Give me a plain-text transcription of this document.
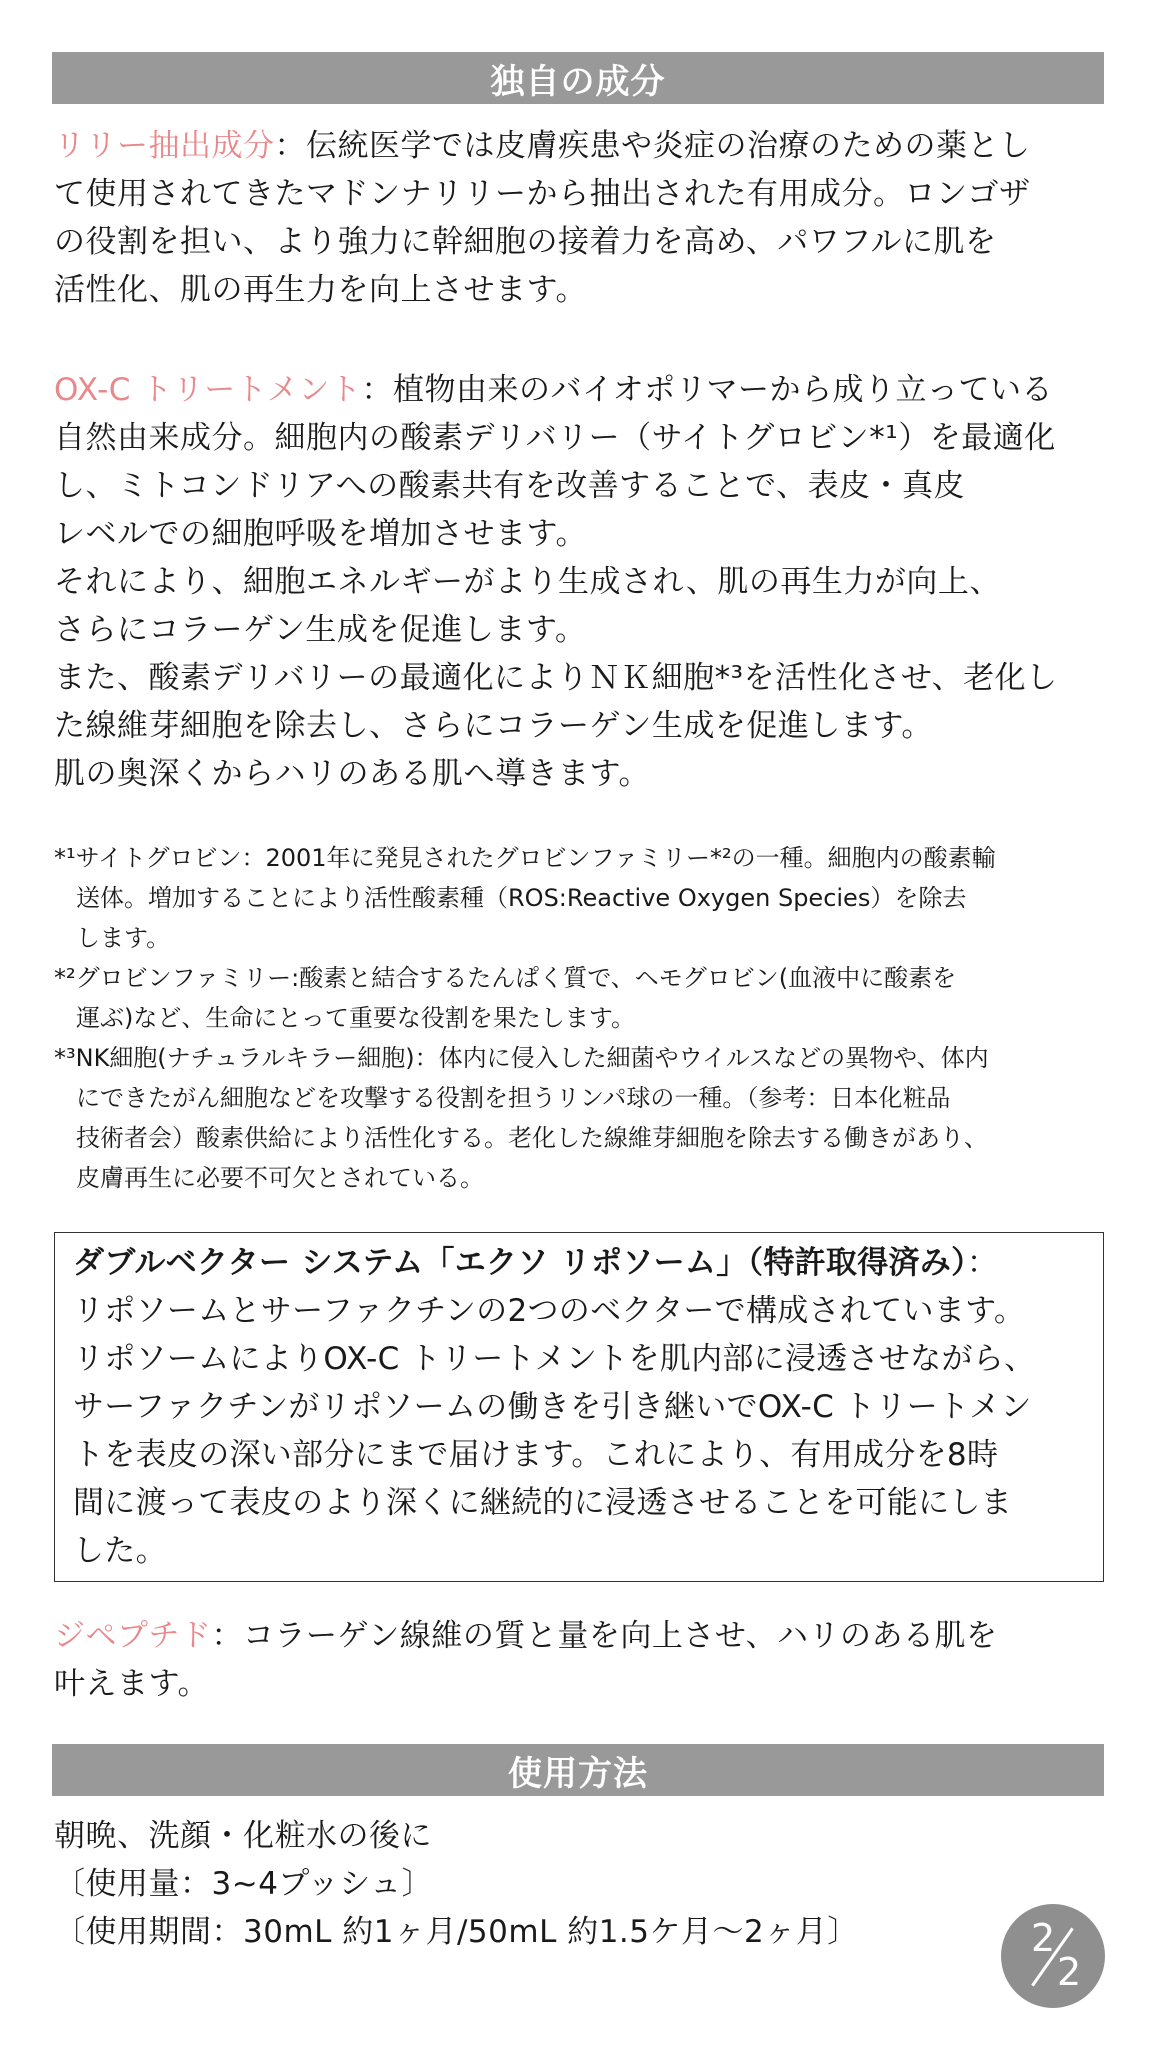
独自の成分
リリー抽出成分：伝統医学では皮膚疾患や炎症の治療のための薬とし
て使用されてきたマドンナリリーから抽出された有用成分。ロンゴザ
の役割を担い、より強力に幹細胞の接着力を高め、パワフルに肌を
活性化、肌の再生力を向上させます。
OX-C トリートメント：植物由来のバイオポリマーから成り立っている
自然由来成分。細胞内の酸素デリバリー（サイトグロビン*¹）を最適化
し、ミトコンドリアへの酸素共有を改善することで、表皮・真皮
レベルでの細胞呼吸を増加させます。
それにより、細胞エネルギーがより生成され、肌の再生力が向上、
さらにコラーゲン生成を促進します。
また、酸素デリバリーの最適化によりＮＫ細胞*³を活性化させ、老化し
た線維芽細胞を除去し、さらにコラーゲン生成を促進します。
肌の奥深くからハリのある肌へ導きます。
*¹サイトグロビン：2001年に発見されたグロビンファミリー*²の一種。細胞内の酸素輸
送体。増加することにより活性酸素種（ROS:Reactive Oxygen Species）を除去
します。
*²グロビンファミリー:酸素と結合するたんぱく質で、ヘモグロビン(血液中に酸素を
運ぶ)など、生命にとって重要な役割を果たします。
*³NK細胞(ナチュラルキラー細胞)：体内に侵入した細菌やウイルスなどの異物や、体内
にできたがん細胞などを攻撃する役割を担うリンパ球の一種。（参考：日本化粧品
技術者会）酸素供給により活性化する。老化した線維芽細胞を除去する働きがあり、
皮膚再生に必要不可欠とされている。
ダブルベクター システム「エクソ リポソーム」（特許取得済み）：
リポソームとサーファクチンの2つのベクターで構成されています。
リポソームによりOX-C トリートメントを肌内部に浸透させながら、
サーファクチンがリポソームの働きを引き継いでOX-C トリートメン
トを表皮の深い部分にまで届けます。これにより、有用成分を8時
間に渡って表皮のより深くに継続的に浸透させることを可能にしま
した。
ジペプチド：コラーゲン線維の質と量を向上させ、ハリのある肌を
叶えます。
使用方法
朝晩、洗顔・化粧水の後に
〔使用量：3~4プッシュ〕
〔使用期間：30mL 約1ヶ月/50mL 約1.5ケ月〜2ヶ月〕	2
2
